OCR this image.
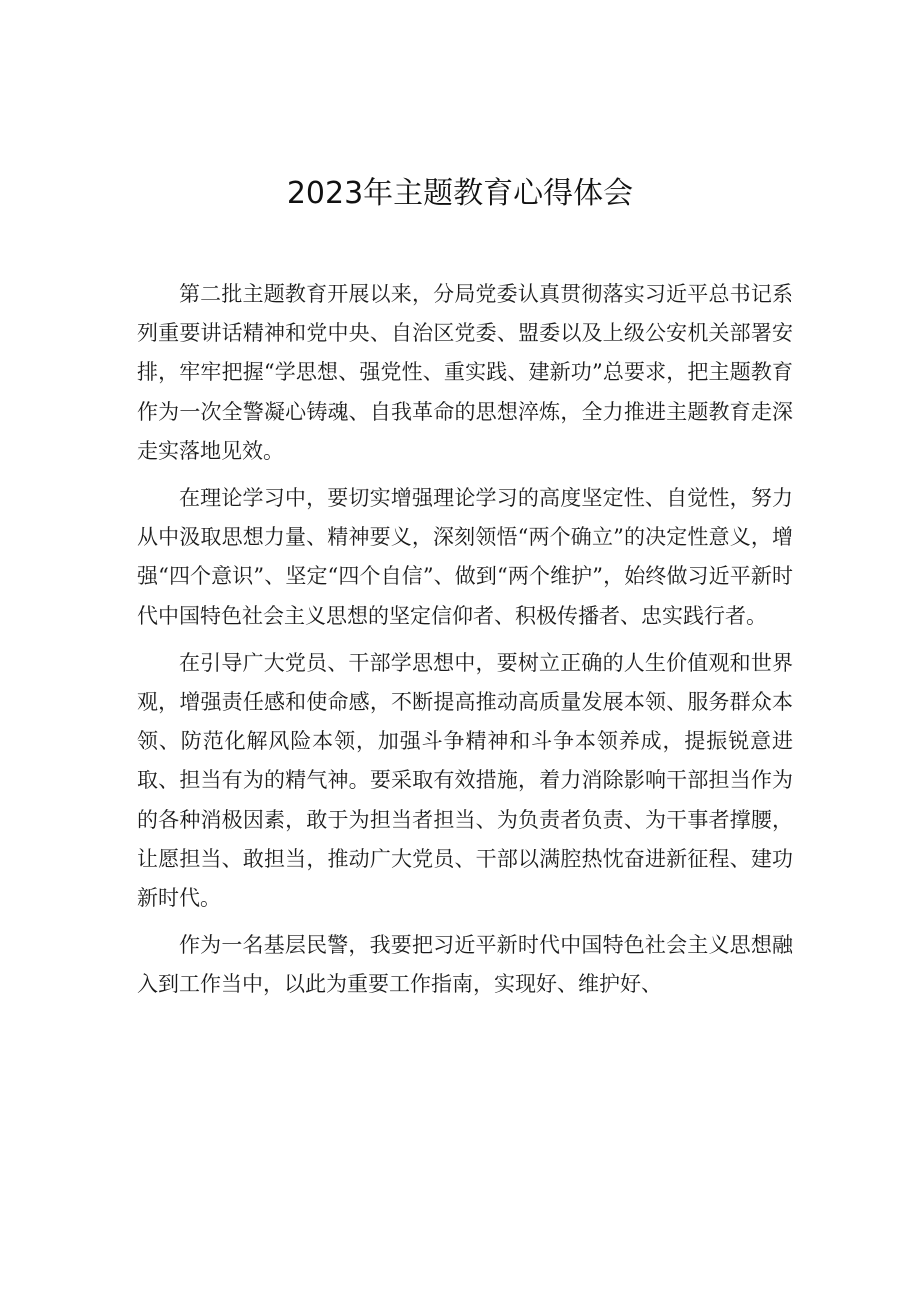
2023年主题教育心得体会

第二批主题教育开展以来，分局党委认真贯彻落实习近平总书记系列重要讲话精神和党中央、自治区党委、盟委以及上级公安机关部署安排，牢牢把握“学思想、强党性、重实践、建新功”总要求，把主题教育作为一次全警凝心铸魂、自我革命的思想淬炼，全力推进主题教育走深走实落地见效。

在理论学习中，要切实增强理论学习的高度坚定性、自觉性，努力从中汲取思想力量、精神要义，深刻领悟“两个确立”的决定性意义，增强“四个意识”、坚定“四个自信”、做到“两个维护”，始终做习近平新时代中国特色社会主义思想的坚定信仰者、积极传播者、忠实践行者。

在引导广大党员、干部学思想中，要树立正确的人生价值观和世界观，增强责任感和使命感，不断提高推动高质量发展本领、服务群众本领、防范化解风险本领，加强斗争精神和斗争本领养成，提振锐意进取、担当有为的精气神。要采取有效措施，着力消除影响干部担当作为的各种消极因素，敢于为担当者担当、为负责者负责、为干事者撑腰，让愿担当、敢担当，推动广大党员、干部以满腔热忱奋进新征程、建功新时代。

作为一名基层民警，我要把习近平新时代中国特色社会主义思想融入到工作当中，以此为重要工作指南，实现好、维护好、
